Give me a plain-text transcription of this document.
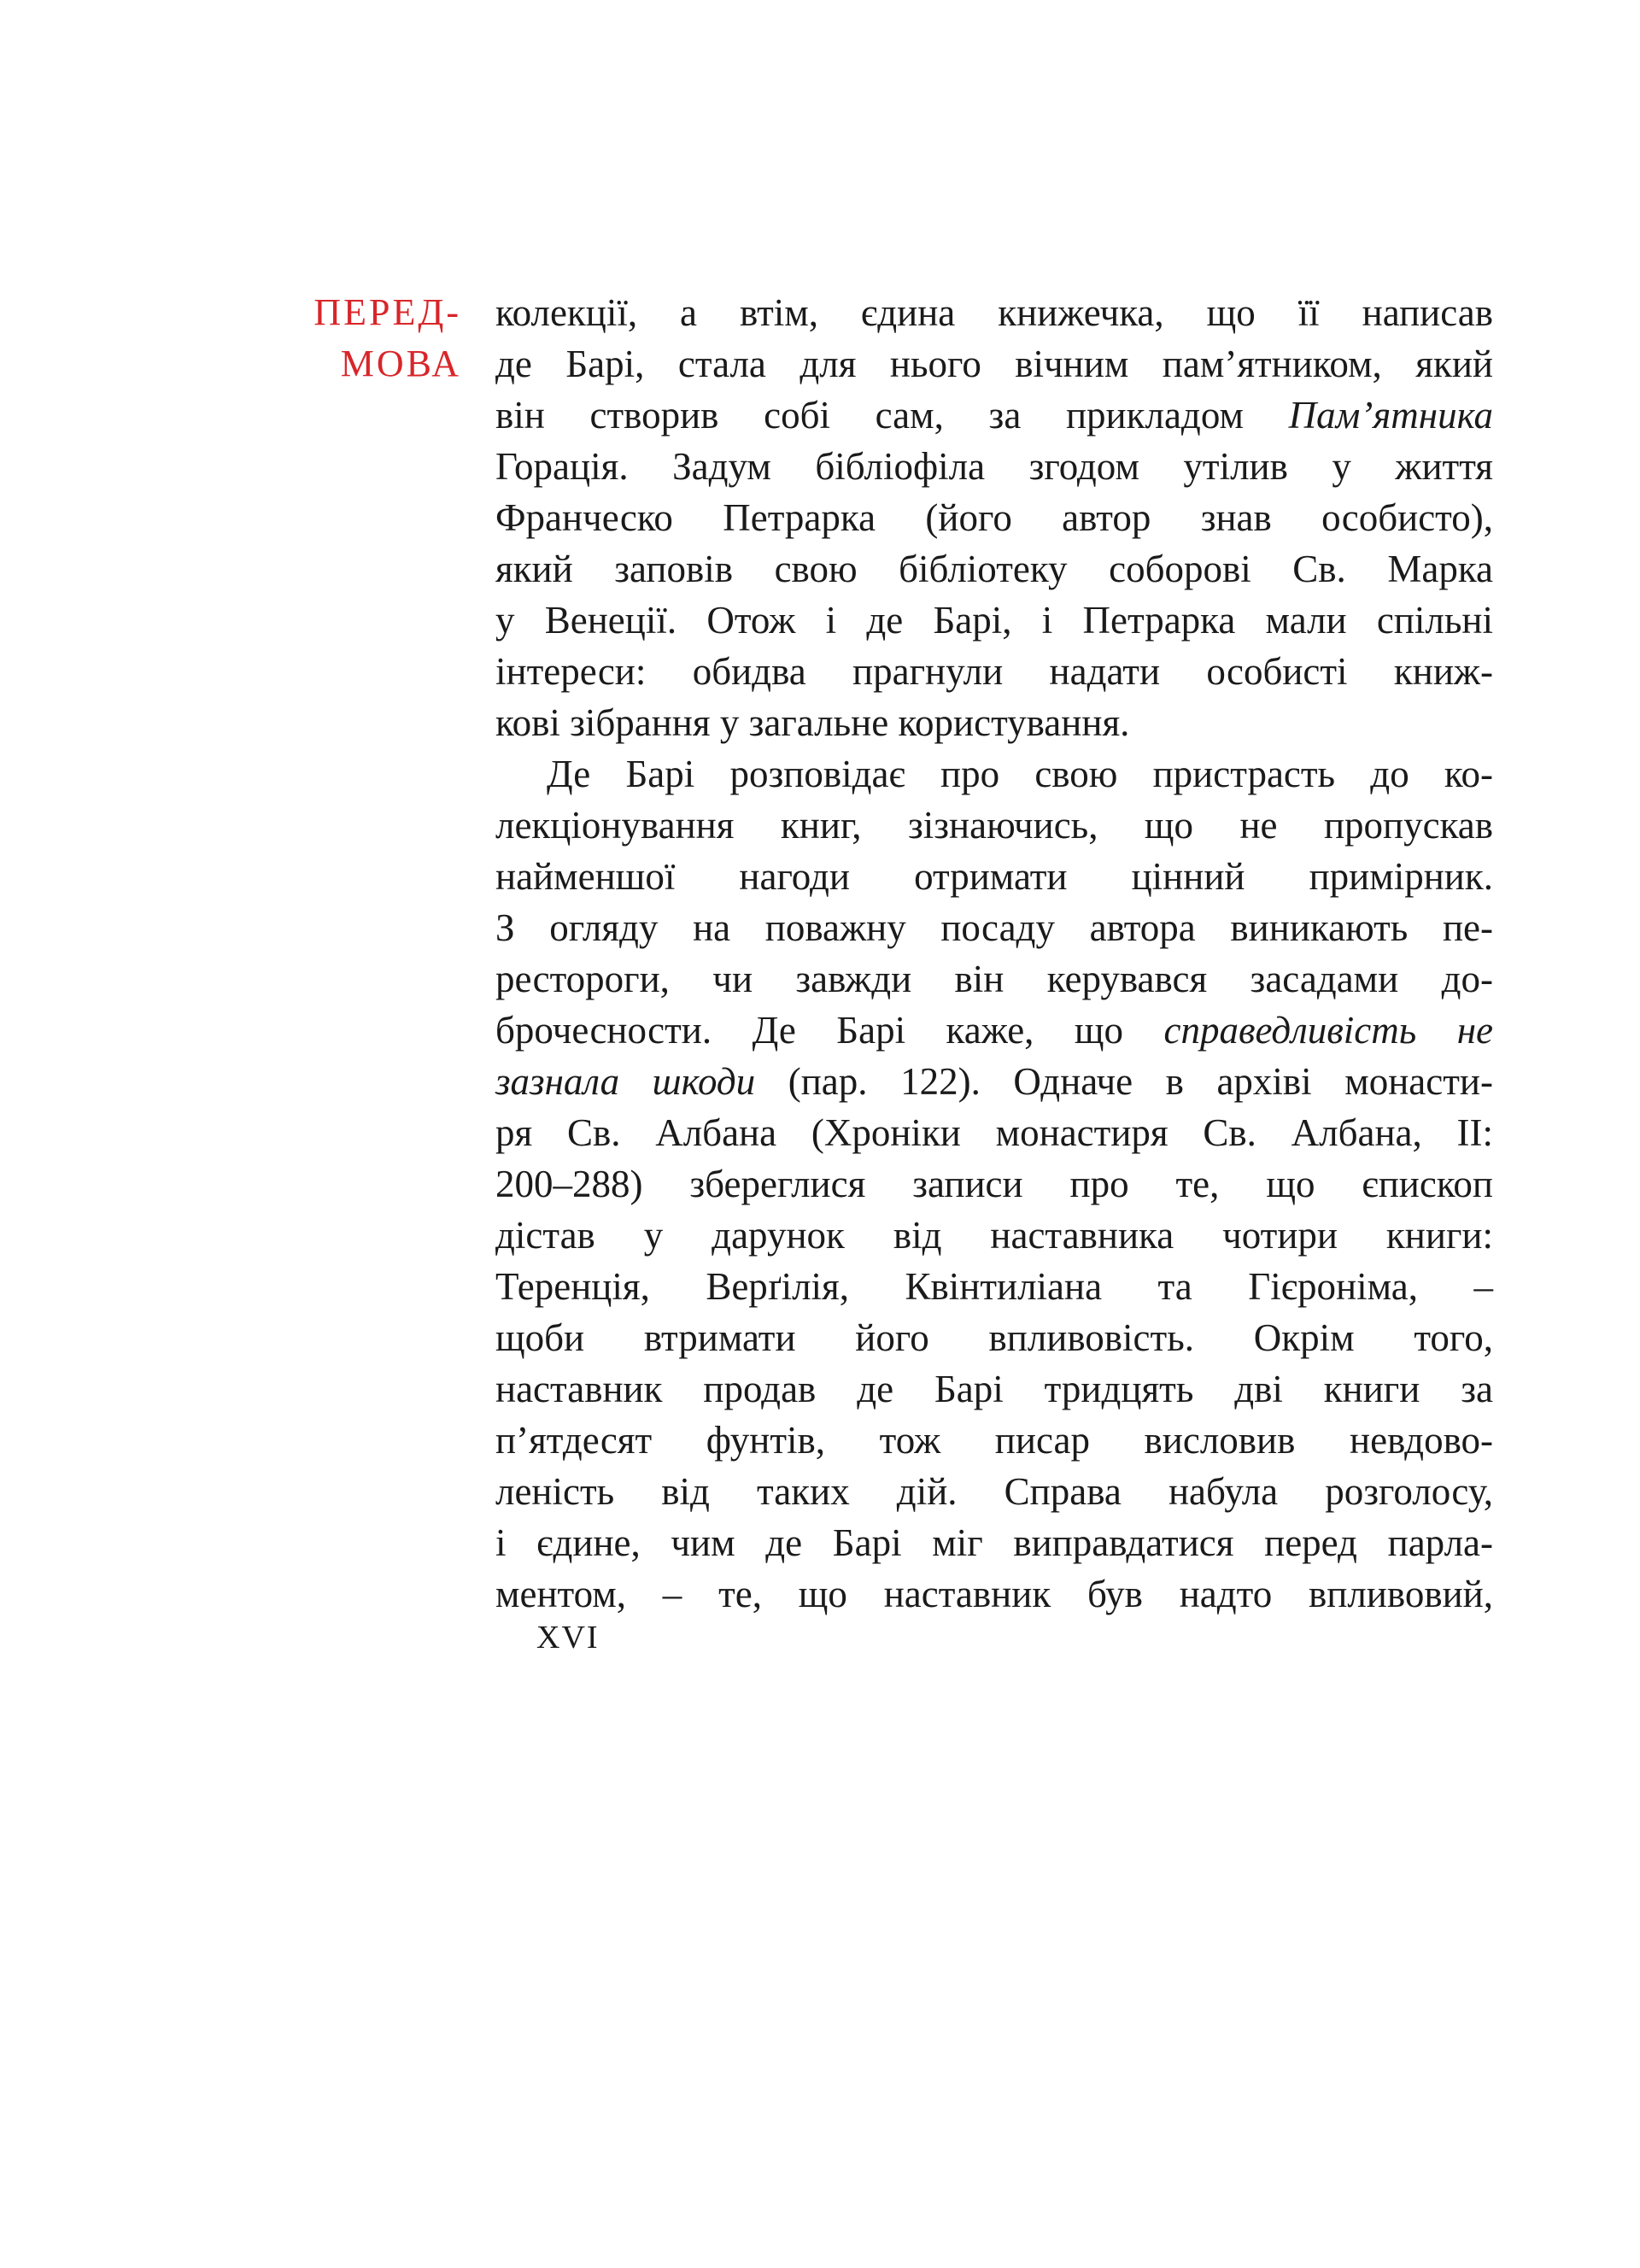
ПЕРЕД-
МОВА
колекції, а втім, єдина книжечка, що її написав
де Барі, стала для нього вічним пам’ятником, який
він створив собі сам, за прикладом Пам’ятника
Горація. Задум бібліофіла згодом утілив у життя
Франческо Петрарка (його автор знав особисто),
який заповів свою бібліотеку соборові Св. Марка
у Венеції. Отож і де Барі, і Петрарка мали спільні
інтереси: обидва прагнули надати особисті книж-
кові зібрання у загальне користування.
Де Барі розповідає про свою пристрасть до ко-
лекціонування книг, зізнаючись, що не пропускав
найменшої нагоди отримати цінний примірник.
З огляду на поважну посаду автора виникають пе-
рестороги, чи завжди він керувався засадами до-
брочесности. Де Барі каже, що справедливість не
зазнала шкоди (пар. 122). Одначе в архіві монасти-
ря Св. Албана (Хроніки монастиря Св. Албана, II:
200–288) збереглися записи про те, що єпископ
дістав у дарунок від наставника чотири книги:
Теренція, Верґілія, Квінтиліана та Гієроніма, –
щоби втримати його впливовість. Окрім того,
наставник продав де Барі тридцять дві книги за
п’ятдесят фунтів, тож писар висловив невдово-
леність від таких дій. Справа набула розголосу,
і єдине, чим де Барі міг виправдатися перед парла-
ментом, – те, що наставник був надто впливовий,
XVI
